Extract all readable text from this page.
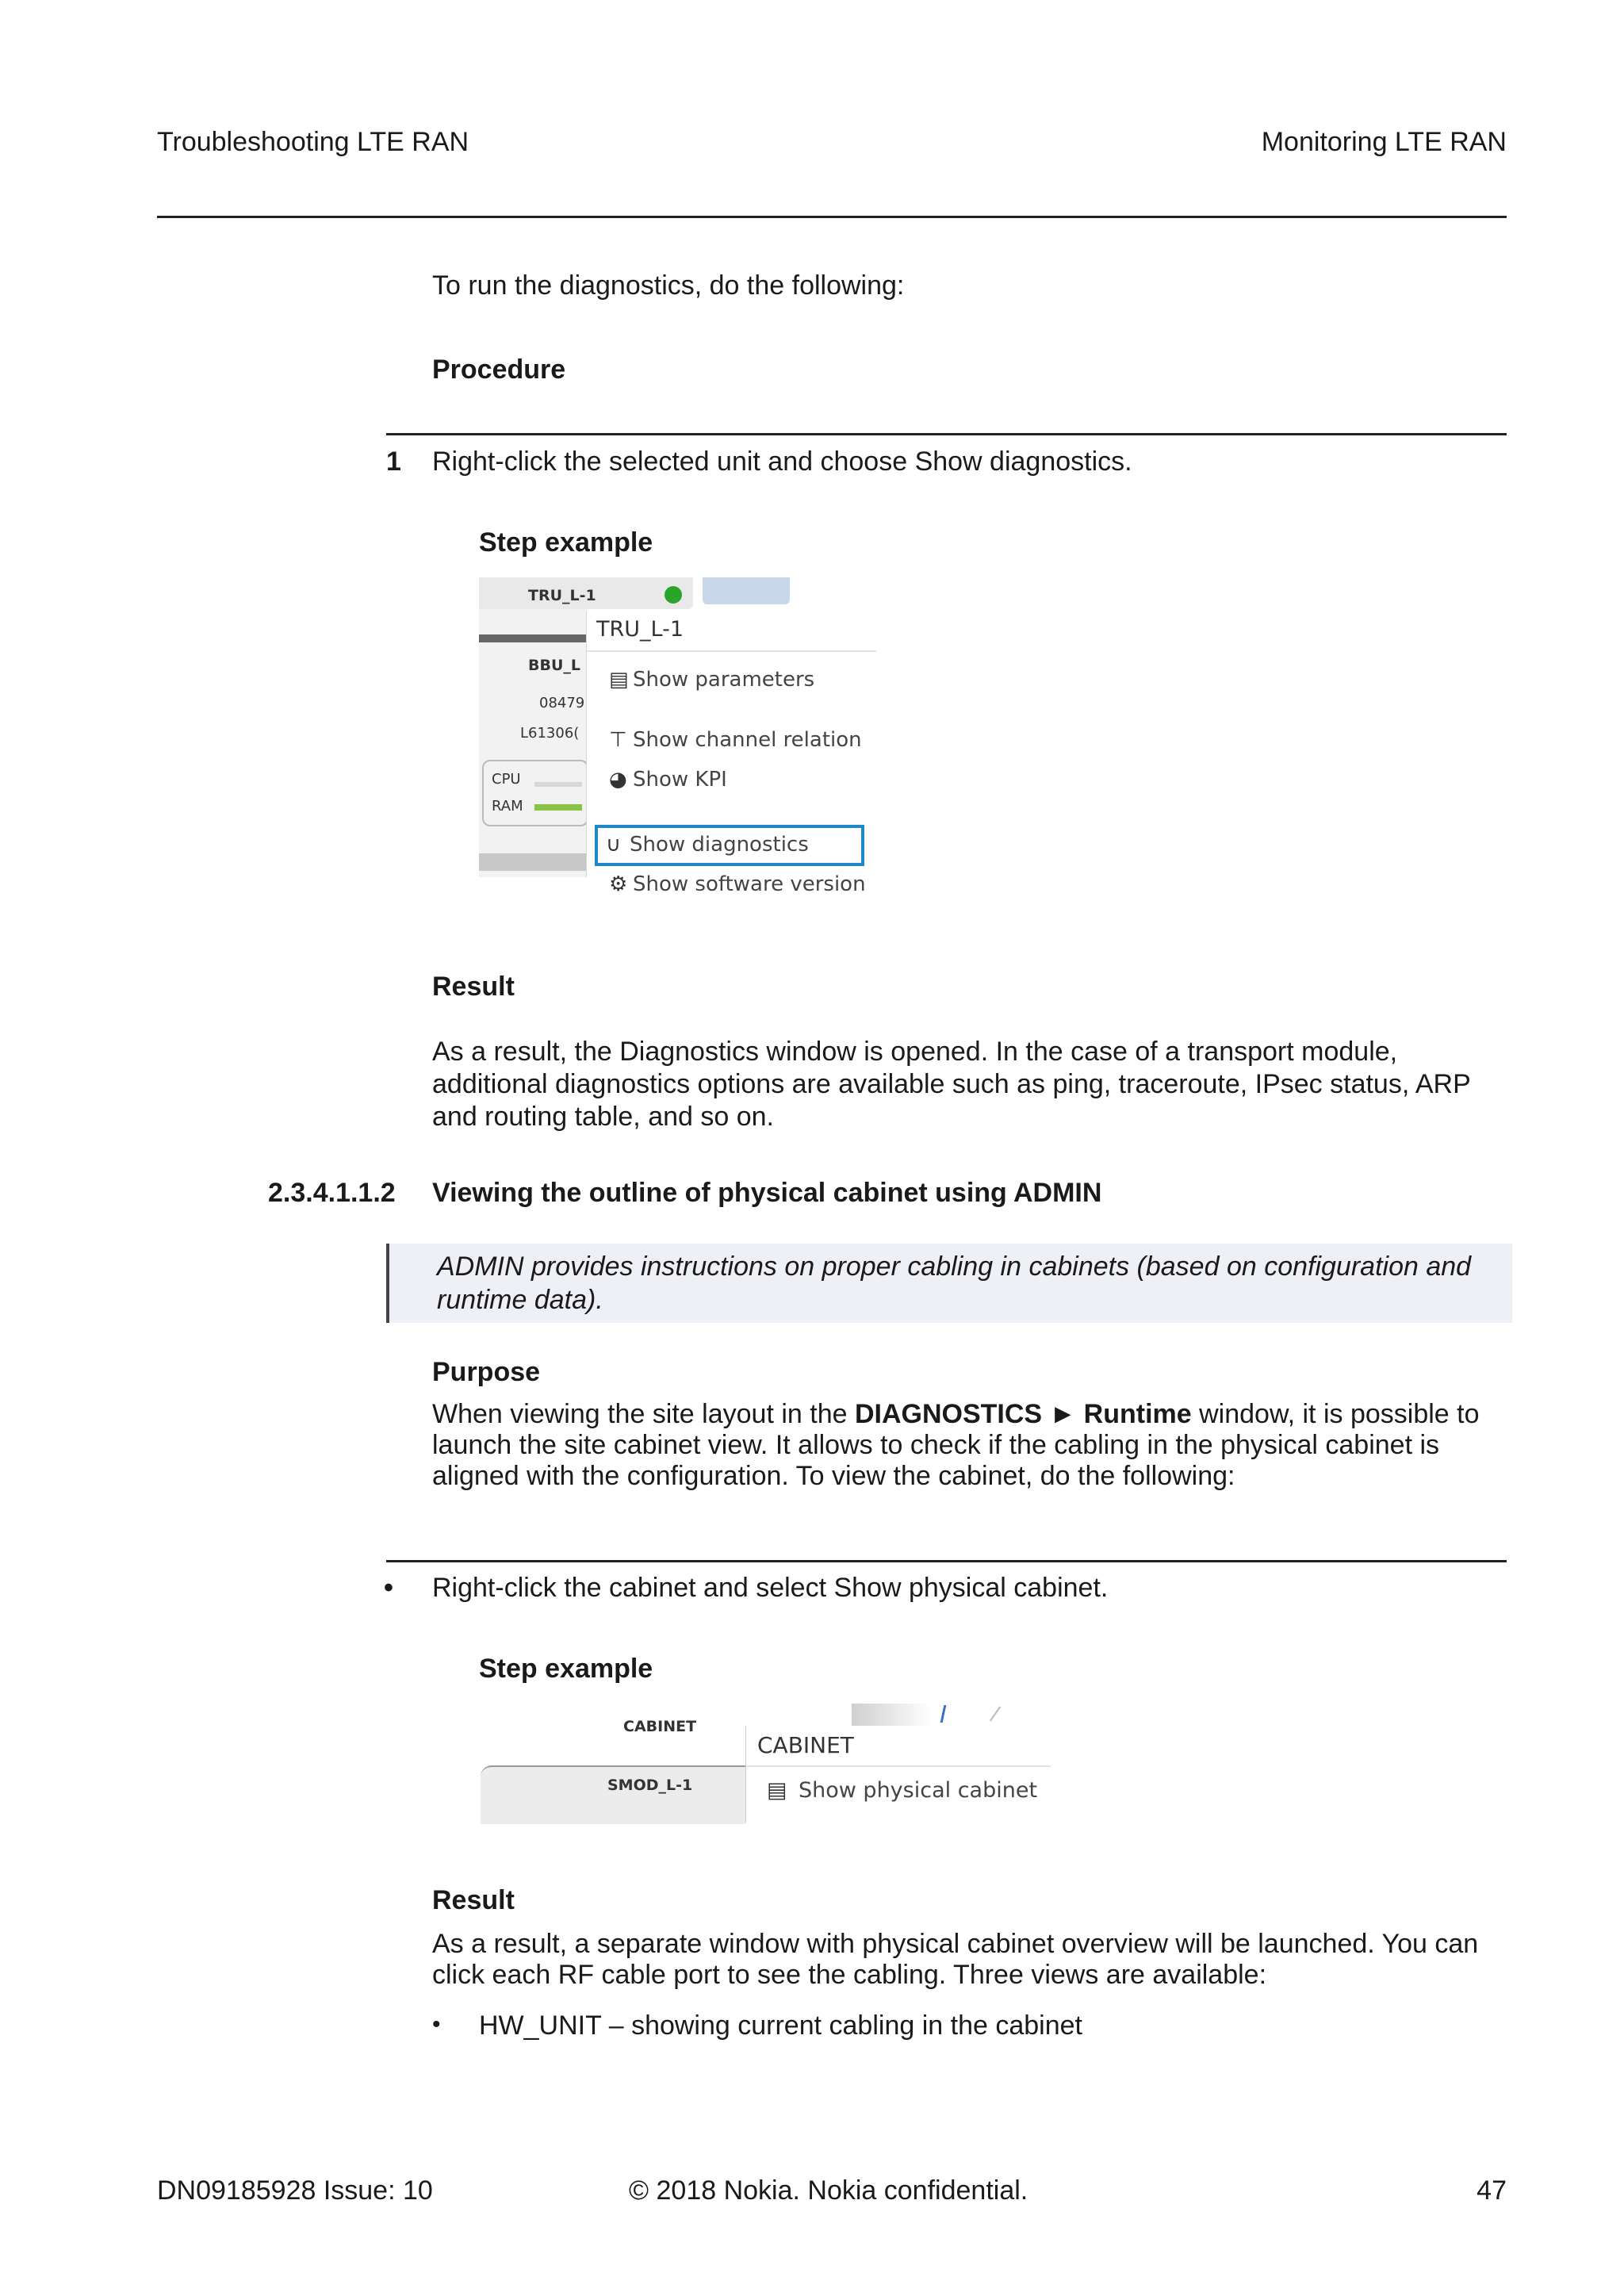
Troubleshooting LTE RAN	Monitoring LTE RAN
To run the diagnostics, do the following:
Procedure
1 Right-click the selected unit and choose Show diagnostics.
Step example
TRU_L-1
BBU_L
08479
L61306(
CPU
RAM
TRU_L-1
▤ Show parameters
⊤ Show channel relation
◕ Show KPI
∪ Show diagnostics
⚙ Show software version
Result
As a result, the Diagnostics window is opened. In the case of a transport module, additional diagnostics options are available such as ping, traceroute, IPsec status, ARP and routing table, and so on.
2.3.4.1.1.2 Viewing the outline of physical cabinet using ADMIN
ADMIN provides instructions on proper cabling in cabinets (based on configuration and runtime data).
Purpose
When viewing the site layout in the DIAGNOSTICS ► Runtime window, it is possible to launch the site cabinet view. It allows to check if the cabling in the physical cabinet is aligned with the configuration. To view the cabinet, do the following:
• Right-click the cabinet and select Show physical cabinet.
Step example
CABINET
SMOD_L-1
CABINET
▤ Show physical cabinet
Result
As a result, a separate window with physical cabinet overview will be launched. You can click each RF cable port to see the cabling. Three views are available:
• HW_UNIT – showing current cabling in the cabinet
DN09185928 Issue: 10	© 2018 Nokia. Nokia confidential.	47
